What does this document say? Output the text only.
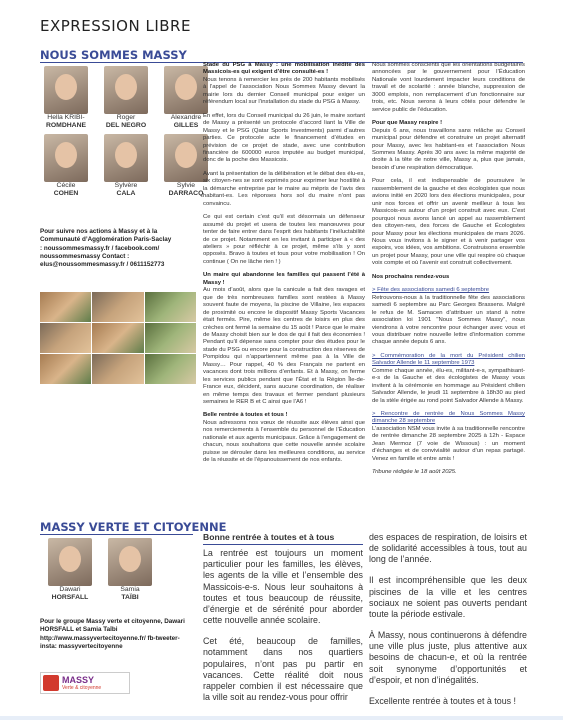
EXPRESSION LIBRE
NOUS SOMMES MASSY
Hella KRIBI-
ROMDHANE
Roger
DEL NEGRO
Alexandre
GILLES
Cécile
COHEN
Sylvère
CALA
Sylvie
DARRACQ
Pour suivre nos actions à Massy et à la Communauté d’Agglomération Paris-Saclay : noussommesmassy.fr / facebook.com/ noussommesmassy Contact : elus@noussommesmassy.fr / 0611152773

Stade du PSG à Massy : une mobilisation inédite des Massicois-es qui exigent d’être consulté-es !
Nous tenons à remercier les près de 200 habitants mobilisés à l’appel de l’association Nous Sommes Massy devant la mairie lors du dernier Conseil municipal pour exiger un référendum local sur l’installation du stade du PSG à Massy.

En effet, lors du Conseil municipal du 26 juin, le maire sortant de Massy a présenté un protocole d’accord liant la Ville de Massy et le PSG (Qatar Sports Investments) parmi d’autres parties. Ce protocole acte le financement d’études en prévision de ce projet de stade, avec une contribution financière de 600000 euros imputée au budget municipal, donc de la poche des Massicois.

Avant la présentation de la délibération et le débat des élu-es, six citoyen-nes se sont exprimés pour exprimer leur hostilité à la démarche entreprise par le maire au mépris de l’avis des habitant-es. Les réponses hors sol du maire n’ont pas convaincu.

Ce qui est certain c’est qu’il est désormais un défenseur assumé du projet et usera de toutes les manœuvres pour tenter de faire entrer dans l’esprit des habitants l’inéluctabilité de ce projet. Notamment en les invitant à participer à « des ateliers » pour réfléchir à ce projet, même s’ils y sont opposés. Bravo à toutes et tous pour votre mobilisation ! On continue ( On ne lâche rien ! )

Un maire qui abandonne les familles qui passent l’été à Massy !
Au mois d’août, alors que la canicule a fait des ravages et que de très nombreuses familles sont restées à Massy souvent faute de moyens, la piscine de Villaine, les espaces de proximité ou encore le dispositif Massy Sports Vacances était fermés. Pire, même les centres de loisirs en plus des crèches ont fermé la semaine du 15 août ! Parce que le maire de Massy choisit bien sur le dos de qui il fait des économies ! Pendant qu’il dépense sans compter pour des études pour le stade du PSG ou encore pour la construction des réserves de Pompidou qui n’appartiennent même pas à la Ville de Massy… Pour rappel, 40 % des Français ne partent en vacances dont trois millions d’enfants. Et à Massy, on ferme les services publics pendant que l’État et la Région Île-de-France eux, décident, sans aucune coordination, de réaliser en même temps des travaux et fermer pendant plusieurs semaines le RER B et C ainsi que l’A6 !

Belle rentrée à toutes et tous !
Nous adressons nos vœux de réussite aux élèves ainsi que nos remerciements à l’ensemble du personnel de l’Éducation nationale et aux agents municipaux. Grâce à l’engagement de chacun, nous souhaitons que cette nouvelle année scolaire puisse se dérouler dans les meilleures conditions, au service de la réussite et de l’épanouissement de nos enfants.

Nous sommes conscients que les orientations budgétaires annoncées par le gouvernement pour l’Éducation Nationale vont lourdement impacter leurs conditions de travail et de scolarité : année blanche, suppression de 3000 emplois, non remplacement d’un fonctionnaire sur trois, etc. Nous serons à leurs côtés pour défendre le service public de l’éducation.

Pour que Massy respire !
Depuis 6 ans, nous travaillons sans relâche au Conseil municipal pour défendre et construire un projet alternatif pour Massy, avec les habitant-es et l’association Nous Sommes Massy. Après 30 ans avec la même majorité de droite à la tête de notre ville, Massy a, plus que jamais, besoin d’une respiration démocratique.

Pour cela, il est indispensable de poursuivre le rassemblement de la gauche et des écologistes que nous avions initié en 2020 lors des élections municipales, pour unir nos forces et offrir un avenir meilleur à tous les Massicois-es autour d’un projet construit avec eux. C’est pourquoi nous avons lancé un appel au rassemblement des citoyen-nes, des forces de Gauche et Écologistes pour Massy pour les élections municipales de mars 2026. Nous vous invitons à le signer et à venir partager vos espoirs, vos idées, vos ambitions. Construisons ensemble un projet pour Massy, pour une ville qui respire où chaque voix compte et où l’avenir est construit collectivement.

Nos prochains rendez-vous

> Fête des associations samedi 6 septembre
Retrouvons-nous à la traditionnelle fête des associations samedi 6 septembre au Parc Georges Brassens. Malgré le refus de M. Samacen d’attribuer un stand à notre association loi 1901 "Nous Sommes Massy", nous viendrons à votre rencontre pour échanger avec vous et vous distribuer notre nouvelle lettre d’information comme chaque année depuis 6 ans.

> Commémoration de la mort du Président chilien Salvador Allende le 11 septembre 1973
Comme chaque année, élu-es, militant-e-s, sympathisant-e-s de la Gauche et des écologistes de Massy vous invitent à la cérémonie en hommage au Président chilien Salvador Allende, le jeudi 11 septembre à 18h30 au pied de la stèle érigée au rond point Salvador Allende à Massy.

> Rencontre de rentrée de Nous Sommes Massy dimanche 28 septembre
L’association NSM vous invite à sa traditionnelle rencontre de rentrée dimanche 28 septembre 2025 à 12h - Espace Jean Mermoz (7 voie de Wissous) : un moment d’échanges et de convivialité autour d’un repas partagé. Venez en famille et entre amis !

Tribune rédigée le 18 août 2025.

MASSY VERTE ET CITOYENNE
Dawari
HORSFALL
Samia
TAÏBI
Pour le groupe Massy verte et citoyenne, Dawari HORSFALL et Samia Taïbi http://www.massyvertecitoyenne.fr/ fb-tweeter-insta: massyvertecitoyenne
MASSY
Verte & citoyenne
Bonne rentrée à toutes et à tous

La rentrée est toujours un moment particulier pour les familles, les élèves, les agents de la ville et l’ensemble des Massicois-e-s. Nous leur souhaitons à toutes et tous beaucoup de réussite, d’énergie et de sérénité pour aborder cette nouvelle année scolaire.

Cet été, beaucoup de familles, notamment dans nos quartiers populaires, n’ont pas pu partir en vacances. Cette réalité doit nous rappeler combien il est nécessaire que la ville soit au rendez-vous pour offrir

des espaces de respiration, de loisirs et de solidarité accessibles à tous, tout au long de l’année.

Il est incompréhensible que les deux piscines de la ville et les centres sociaux ne soient pas ouverts pendant toute la période estivale.

À Massy, nous continuerons à défendre une ville plus juste, plus attentive aux besoins de chacun-e, et où la rentrée soit synonyme d’opportunités et d’espoir, et non d’inégalités.

Excellente rentrée à toutes et à tous !
